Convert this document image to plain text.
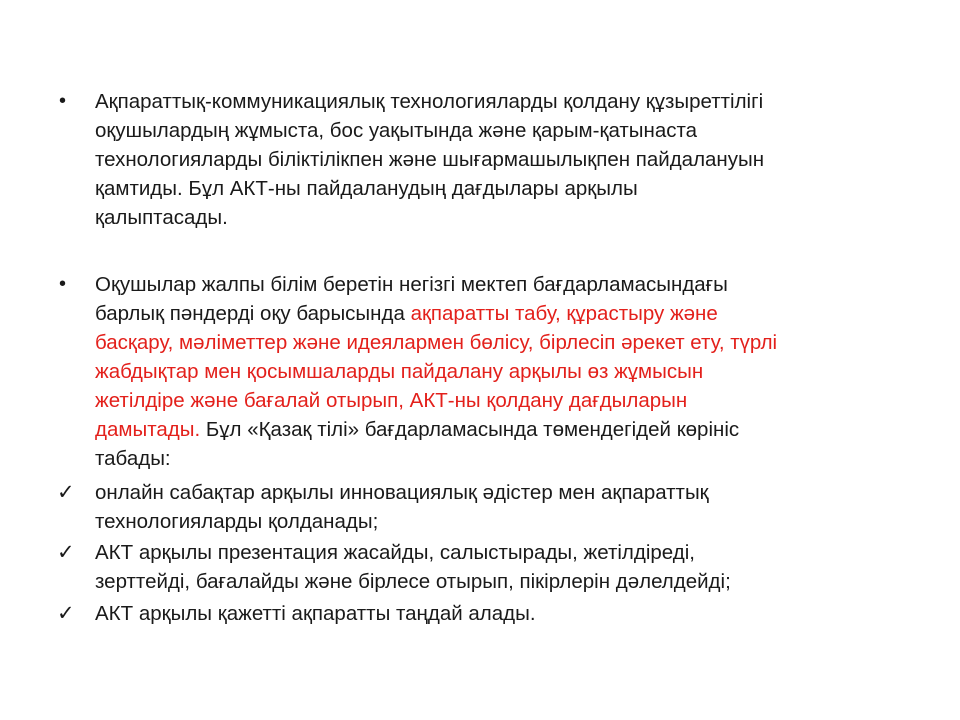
•	Ақпараттық-коммуникациялық технологияларды қолдану құзыреттілігі
оқушылардың жұмыста, бос уақытында және қарым-қатынаста
технологияларды біліктілікпен және шығармашылықпен пайдалануын
қамтиды. Бұл АКТ-ны пайдаланудың дағдылары арқылы
қалыптасады.
•	Оқушылар жалпы білім беретін негізгі мектеп бағдарламасындағы
барлық пәндерді оқу барысында ақпаратты табу, құрастыру және
басқару, мәліметтер және идеялармен бөлісу, бірлесіп әрекет ету, түрлі
жабдықтар мен қосымшаларды пайдалану арқылы өз жұмысын
жетілдіре және бағалай отырып, АКТ-ны қолдану дағдыларын
дамытады. Бұл «Қазақ тілі» бағдарламасында төмендегідей көрініс
табады:
✓ онлайн сабақтар арқылы инновациялық әдістер мен ақпараттық
технологияларды қолданады;
✓ АКТ арқылы презентация жасайды, салыстырады, жетілдіреді,
зерттейді, бағалайды және бірлесе отырып, пікірлерін дәлелдейді;
✓ АКТ арқылы қажетті ақпаратты таңдай алады.
